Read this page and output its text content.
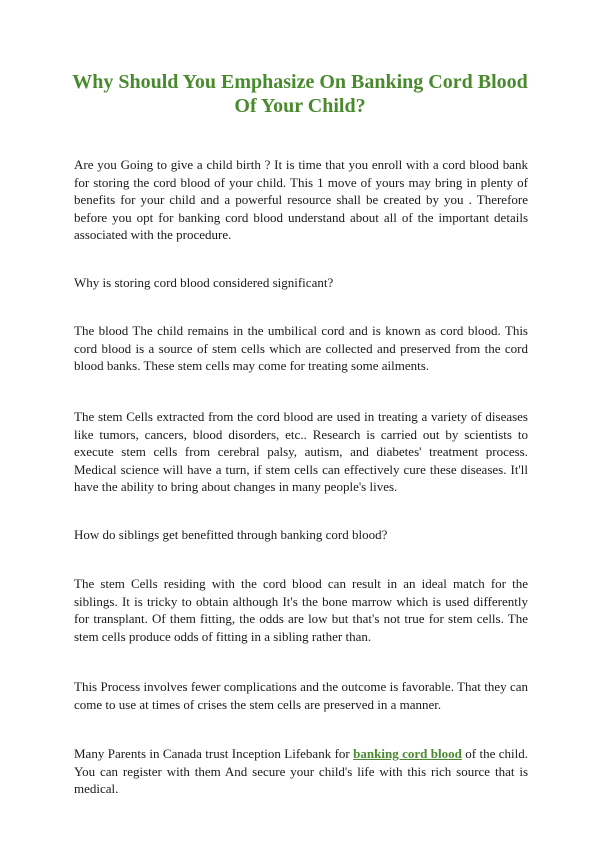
Why Should You Emphasize On Banking Cord Blood Of Your Child?

Are you Going to give a child birth ? It is time that you enroll with a cord blood bank for storing the cord blood of your child. This 1 move of yours may bring in plenty of benefits for your child and a powerful resource shall be created by you . Therefore before you opt for banking cord blood understand about all of the important details associated with the procedure.

Why is storing cord blood considered significant?

The blood The child remains in the umbilical cord and is known as cord blood. This cord blood is a source of stem cells which are collected and preserved from the cord blood banks. These stem cells may come for treating some ailments.

The stem Cells extracted from the cord blood are used in treating a variety of diseases like tumors, cancers, blood disorders, etc.. Research is carried out by scientists to execute stem cells from cerebral palsy, autism, and diabetes' treatment process. Medical science will have a turn, if stem cells can effectively cure these diseases. It'll have the ability to bring about changes in many people's lives.

How do siblings get benefitted through banking cord blood?

The stem Cells residing with the cord blood can result in an ideal match for the siblings. It is tricky to obtain although It's the bone marrow which is used differently for transplant. Of them fitting, the odds are low but that's not true for stem cells. The stem cells produce odds of fitting in a sibling rather than.

This Process involves fewer complications and the outcome is favorable. That they can come to use at times of crises the stem cells are preserved in a manner.

Many Parents in Canada trust Inception Lifebank for banking cord blood of the child. You can register with them And secure your child's life with this rich source that is medical.
